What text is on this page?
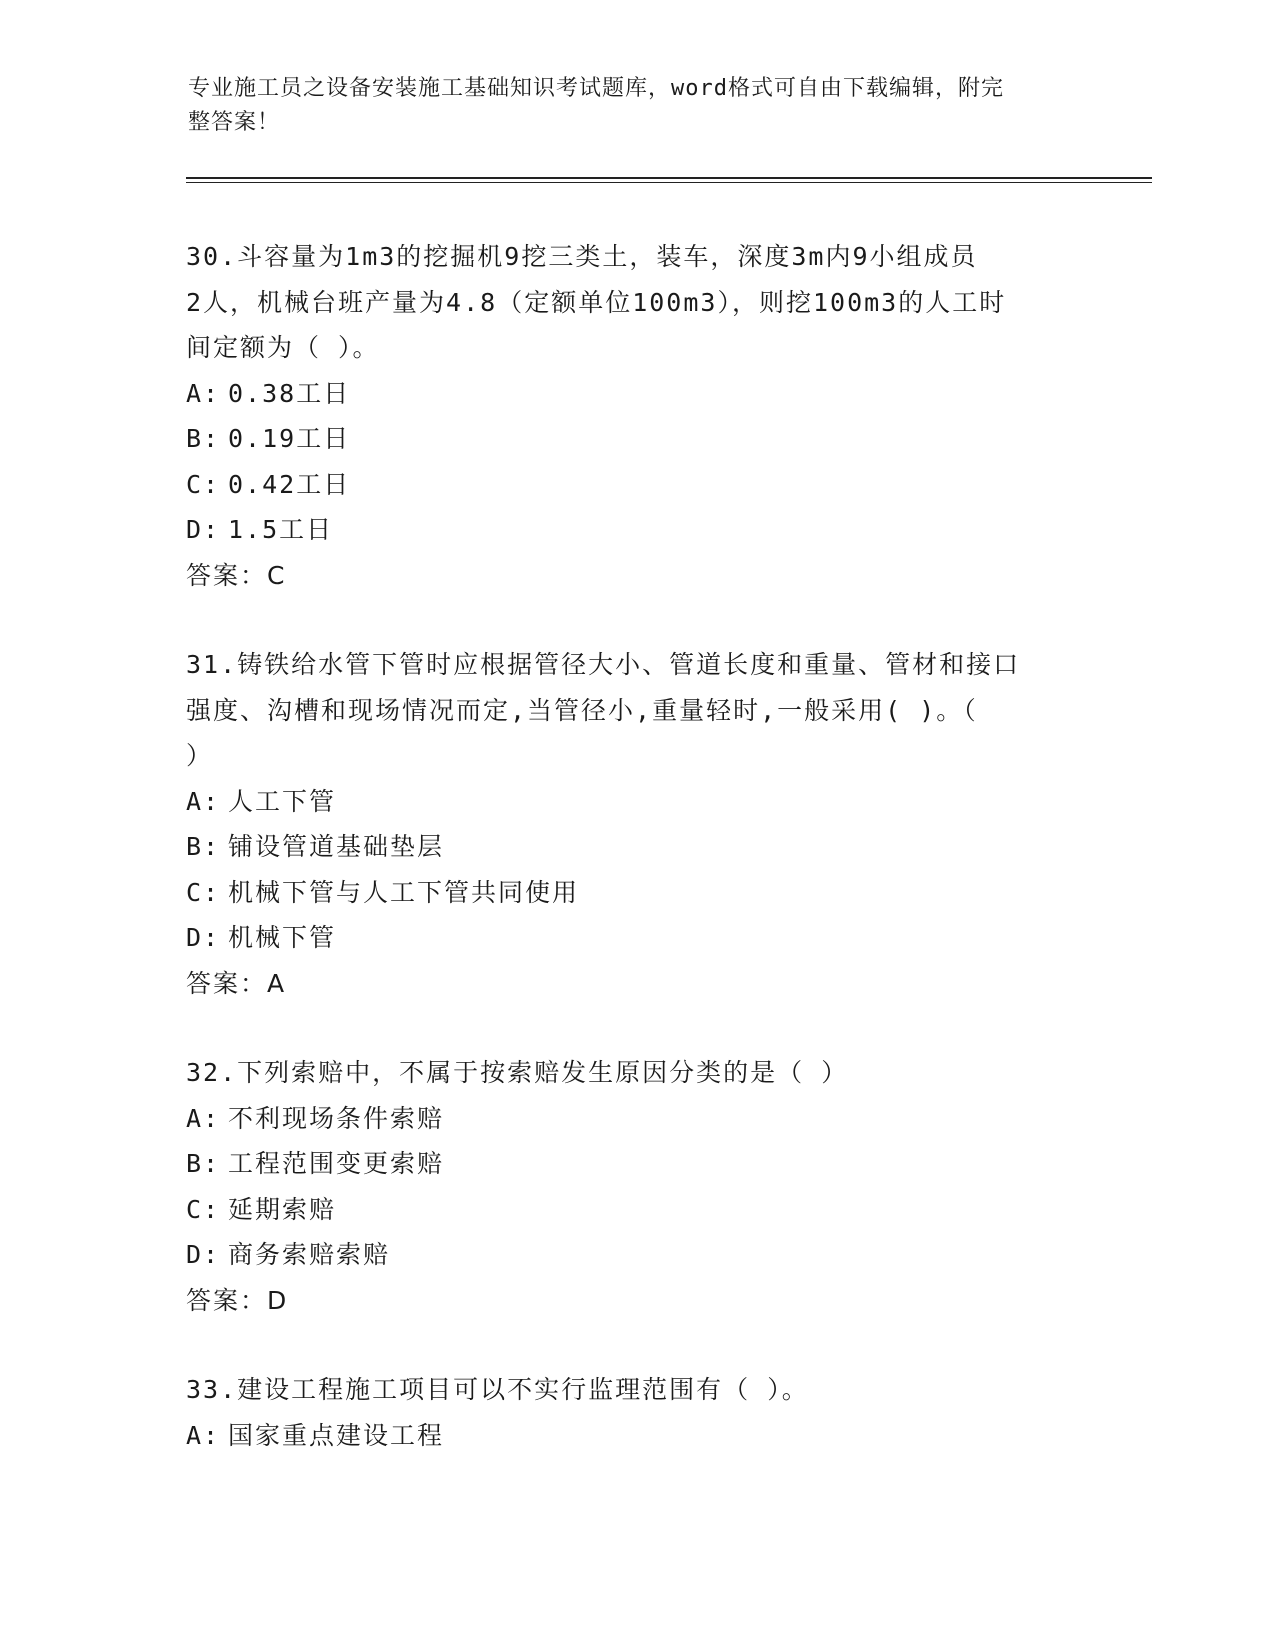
专业施工员之设备安装施工基础知识考试题库，word格式可自由下载编辑，附完
整答案！

30.斗容量为1m3的挖掘机9挖三类土，装车，深度3m内9小组成员

2人，机械台班产量为4.8（定额单位100m3），则挖100m3的人工时

间定额为（ ）。

A: 0.38工日

B: 0.19工日

C: 0.42工日

D: 1.5工日

答案：C

31.铸铁给水管下管时应根据管径大小、管道长度和重量、管材和接口

强度、沟槽和现场情况而定,当管径小,重量轻时,一般采用( )。（

）

A: 人工下管

B: 铺设管道基础垫层

C: 机械下管与人工下管共同使用

D: 机械下管

答案：A

32.下列索赔中，不属于按索赔发生原因分类的是（ ）

A: 不利现场条件索赔

B: 工程范围变更索赔

C: 延期索赔

D: 商务索赔索赔

答案：D

33.建设工程施工项目可以不实行监理范围有（ ）。

A: 国家重点建设工程
